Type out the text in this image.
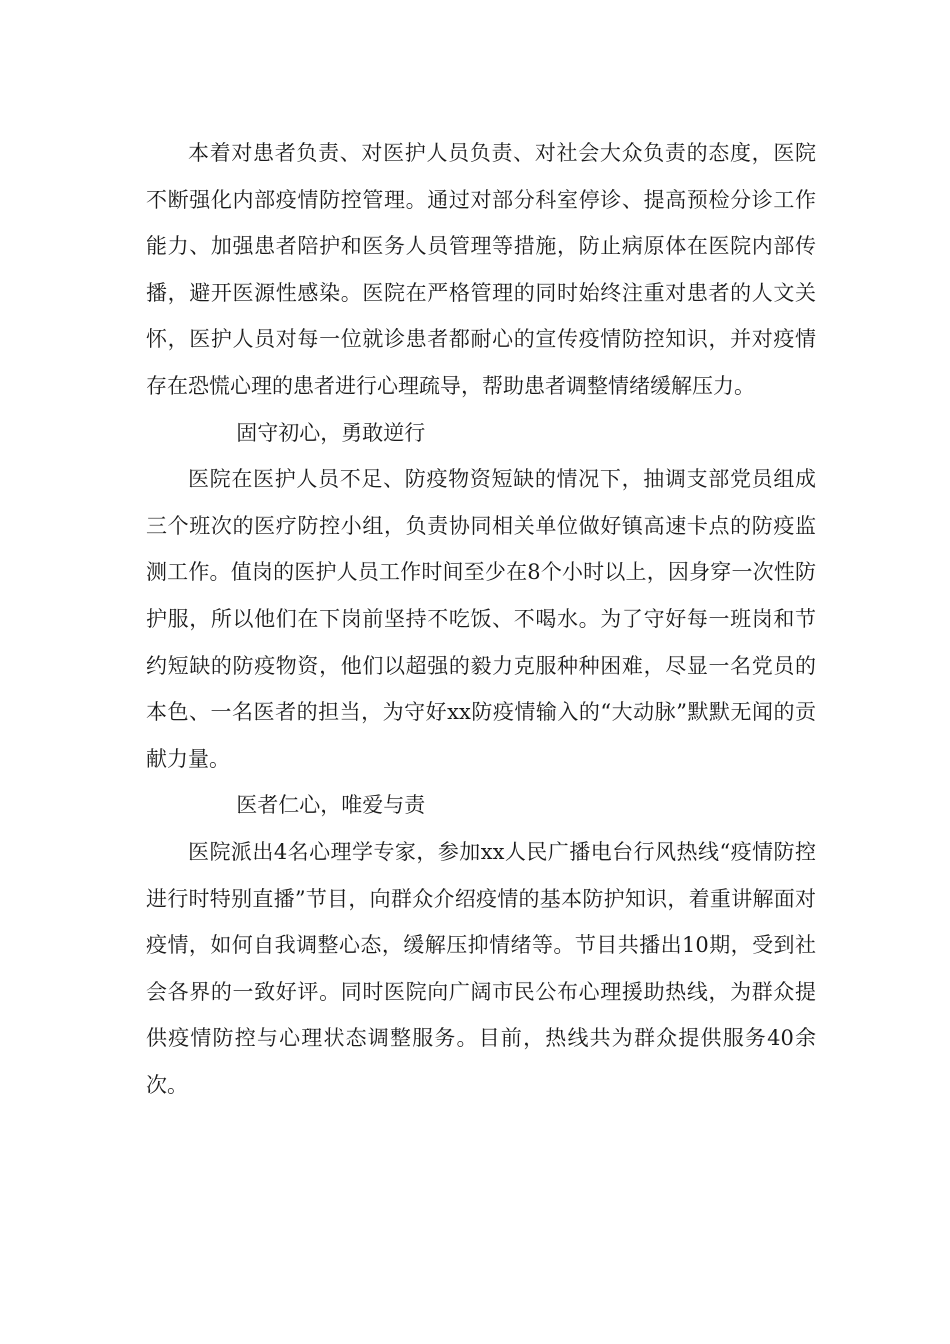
本着对患者负责、对医护人员负责、对社会大众负责的态度，医院不断强化内部疫情防控管理。通过对部分科室停诊、提高预检分诊工作能力、加强患者陪护和医务人员管理等措施，防止病原体在医院内部传播，避开医源性感染。医院在严格管理的同时始终注重对患者的人文关怀，医护人员对每一位就诊患者都耐心的宣传疫情防控知识，并对疫情存在恐慌心理的患者进行心理疏导，帮助患者调整情绪缓解压力。

固守初心，勇敢逆行

医院在医护人员不足、防疫物资短缺的情况下，抽调支部党员组成三个班次的医疗防控小组，负责协同相关单位做好镇高速卡点的防疫监测工作。值岗的医护人员工作时间至少在8个小时以上，因身穿一次性防护服，所以他们在下岗前坚持不吃饭、不喝水。为了守好每一班岗和节约短缺的防疫物资，他们以超强的毅力克服种种困难，尽显一名党员的本色、一名医者的担当，为守好xx防疫情输入的“大动脉”默默无闻的贡献力量。

医者仁心，唯爱与责

医院派出4名心理学专家，参加xx人民广播电台行风热线“疫情防控进行时特别直播”节目，向群众介绍疫情的基本防护知识，着重讲解面对疫情，如何自我调整心态，缓解压抑情绪等。节目共播出10期，受到社会各界的一致好评。同时医院向广阔市民公布心理援助热线，为群众提供疫情防控与心理状态调整服务。目前，热线共为群众提供服务40余次。
